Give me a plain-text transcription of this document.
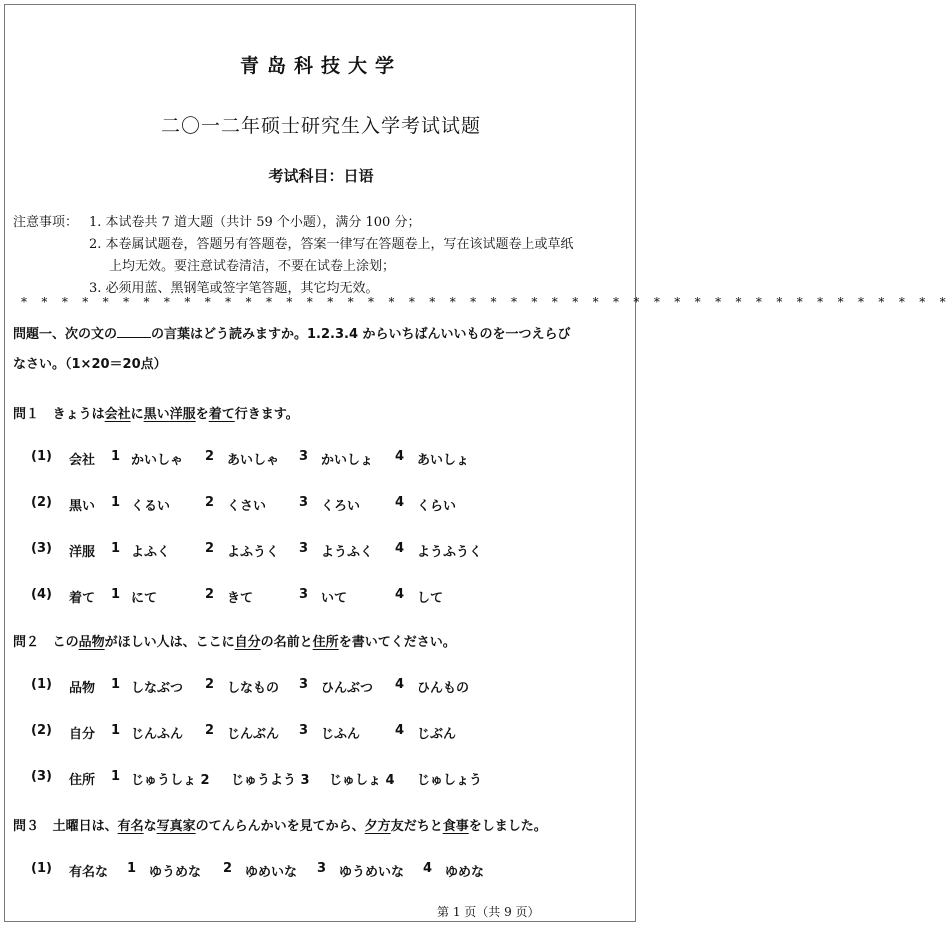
青岛科技大学
二〇一二年硕士研究生入学考试试题
考试科目：日语
注意事项： 1. 本试卷共 7 道大题（共计 59 个小题），满分 100 分；
2. 本卷属试题卷，答题另有答题卷，答案一律写在答题卷上，写在该试题卷上或草纸
上均无效。要注意试卷清洁，不要在试卷上涂划；
3. 必须用蓝、黑钢笔或签字笔答题，其它均无效。
* * * * * * * * * * * * * * * * * * * * * * * * * * * * * * * * * * * * * * * * * * * * * *
問題一、次の文の	の言葉はどう読みますか。1.2.3.4 からいちばんいいものを一つえらび
なさい。（1×20＝20点）
問１ きょうは会社に黒い洋服を着て行きます。
(1) 会社 1 かいしゃ 2 あいしゃ 3 かいしょ 4 あいしょ
(2) 黒い 1 くるい	2 くさい	3 くろい	4 くらい
(3) 洋服 1 よふく	2 よふうく 3 ようふく 4 ようふうく
(4) 着て 1 にて	2 きて	3 いて	4 して
問２ この品物がほしい人は、ここに自分の名前と住所を書いてください。
(1) 品物 1 しなぶつ 2 しなもの 3 ひんぶつ 4 ひんもの
(2) 自分 1 じんふん 2 じんぶん 3 じふん	4 じぶん
(3) 住所 1 じゅうしょ 2 じゅうよう 3 じゅしょ 4 じゅしょう
問３ 土曜日は、有名な写真家のてんらんかいを見てから、夕方友だちと食事をしました。
(1) 有名な 1 ゆうめな 2 ゆめいな 3 ゆうめいな 4 ゆめな
第 1 页（共 9 页）
